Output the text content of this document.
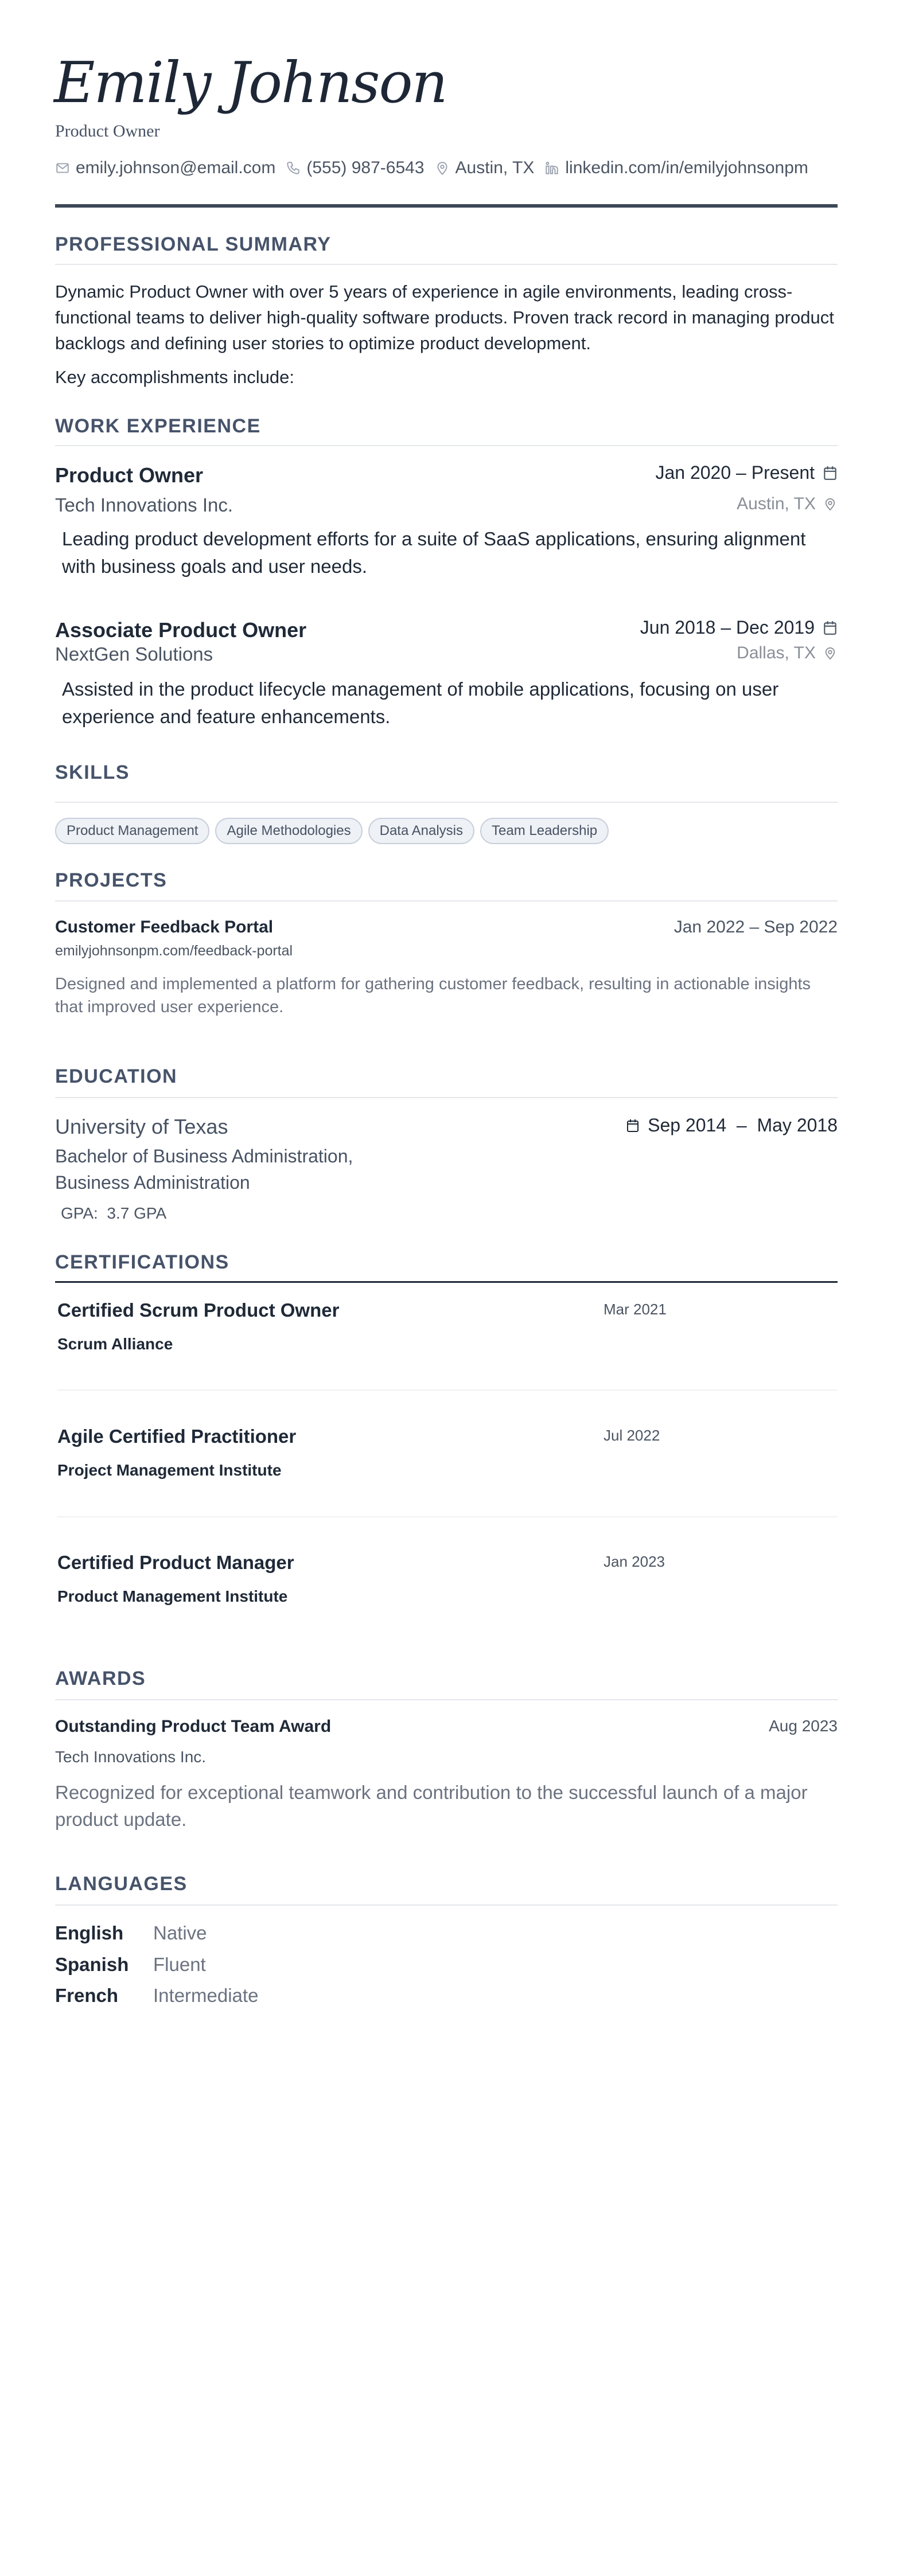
Emily Johnson
Product Owner
emily.johnson@email.com (555) 987-6543 Austin, TX linkedin.com/in/emilyjohnsonpm
PROFESSIONAL SUMMARY
Dynamic Product Owner with over 5 years of experience in agile environments, leading cross-functional teams to deliver high-quality software products. Proven track record in managing product backlogs and defining user stories to optimize product development.
Key accomplishments include:
WORK EXPERIENCE
Product Owner	Jan 2020 – Present
Tech Innovations Inc.	Austin, TX
Leading product development efforts for a suite of SaaS applications, ensuring alignment with business goals and user needs.
Associate Product Owner	Jun 2018 – Dec 2019
NextGen Solutions	Dallas, TX
Assisted in the product lifecycle management of mobile applications, focusing on user experience and feature enhancements.
SKILLS
Product Management	Agile Methodologies	Data Analysis	Team Leadership
PROJECTS
Customer Feedback Portal	Jan 2022 – Sep 2022
emilyjohnsonpm.com/feedback-portal
Designed and implemented a platform for gathering customer feedback, resulting in actionable insights that improved user experience.
EDUCATION
University of Texas	Sep 2014  –  May 2018
Bachelor of Business Administration,
Business Administration
GPA: 3.7 GPA
CERTIFICATIONS
Certified Scrum Product Owner
Scrum Alliance
Mar 2021
Agile Certified Practitioner
Project Management Institute
Jul 2022
Certified Product Manager
Product Management Institute
Jan 2023
AWARDS
Outstanding Product Team Award	Aug 2023
Tech Innovations Inc.
Recognized for exceptional teamwork and contribution to the successful launch of a major product update.
LANGUAGES
English Native
Spanish Fluent
French Intermediate
